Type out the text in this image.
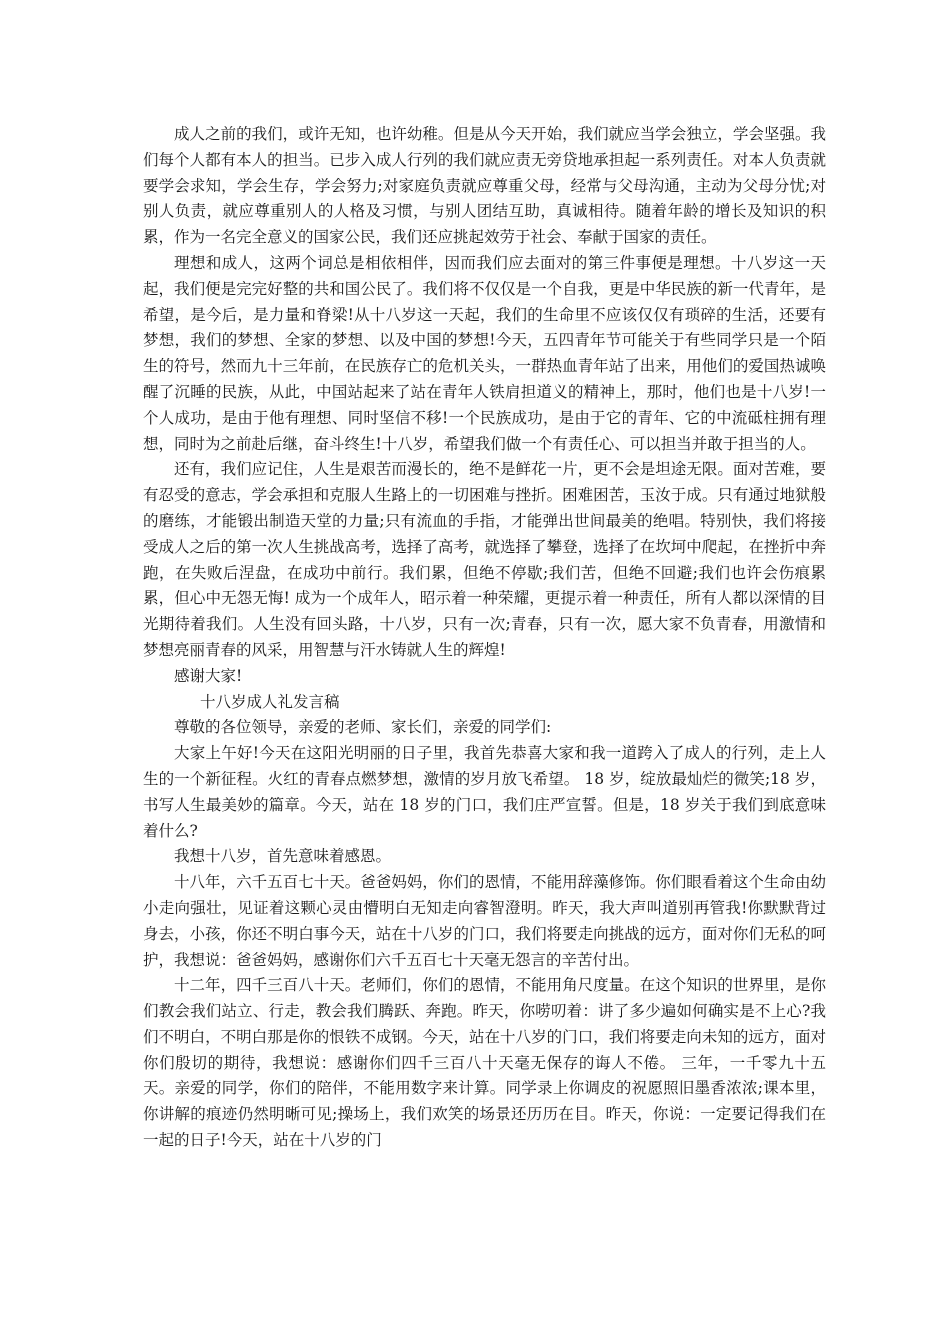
成人之前的我们，或许无知，也许幼稚。但是从今天开始，我们就应当学会独立，学会坚强。我们每个人都有本人的担当。已步入成人行列的我们就应责无旁贷地承担起一系列责任。对本人负责就要学会求知，学会生存，学会努力;对家庭负责就应尊重父母，经常与父母沟通，主动为父母分忧;对别人负责，就应尊重别人的人格及习惯，与别人团结互助，真诚相待。随着年龄的增长及知识的积累，作为一名完全意义的国家公民，我们还应挑起效劳于社会、奉献于国家的责任。

理想和成人，这两个词总是相依相伴，因而我们应去面对的第三件事便是理想。十八岁这一天起，我们便是完完好整的共和国公民了。我们将不仅仅是一个自我，更是中华民族的新一代青年，是希望，是今后，是力量和脊梁!从十八岁这一天起，我们的生命里不应该仅仅有琐碎的生活，还要有梦想，我们的梦想、全家的梦想、以及中国的梦想!今天，五四青年节可能关于有些同学只是一个陌生的符号，然而九十三年前，在民族存亡的危机关头，一群热血青年站了出来，用他们的爱国热诚唤醒了沉睡的民族，从此，中国站起来了站在青年人铁肩担道义的精神上，那时，他们也是十八岁!一个人成功，是由于他有理想、同时坚信不移!一个民族成功，是由于它的青年、它的中流砥柱拥有理想，同时为之前赴后继，奋斗终生!十八岁，希望我们做一个有责任心、可以担当并敢于担当的人。

还有，我们应记住，人生是艰苦而漫长的，绝不是鲜花一片，更不会是坦途无限。面对苦难，要有忍受的意志，学会承担和克服人生路上的一切困难与挫折。困难困苦，玉汝于成。只有通过地狱般的磨练，才能锻出制造天堂的力量;只有流血的手指，才能弹出世间最美的绝唱。特别快，我们将接受成人之后的第一次人生挑战高考，选择了高考，就选择了攀登，选择了在坎坷中爬起，在挫折中奔跑，在失败后涅盘，在成功中前行。我们累，但绝不停歇;我们苦，但绝不回避;我们也许会伤痕累累，但心中无怨无悔! 成为一个成年人，昭示着一种荣耀，更提示着一种责任，所有人都以深情的目光期待着我们。人生没有回头路，十八岁，只有一次;青春，只有一次，愿大家不负青春，用激情和梦想亮丽青春的风采，用智慧与汗水铸就人生的辉煌!

感谢大家!

十八岁成人礼发言稿

尊敬的各位领导，亲爱的老师、家长们，亲爱的同学们:

大家上午好!今天在这阳光明丽的日子里，我首先恭喜大家和我一道跨入了成人的行列，走上人生的一个新征程。火红的青春点燃梦想，激情的岁月放飞希望。 18 岁，绽放最灿烂的微笑;18 岁，书写人生最美妙的篇章。今天，站在 18 岁的门口，我们庄严宣誓。但是，18 岁关于我们到底意味着什么?

我想十八岁，首先意味着感恩。

十八年，六千五百七十天。爸爸妈妈，你们的恩情，不能用辞藻修饰。你们眼看着这个生命由幼小走向强壮，见证着这颗心灵由懵明白无知走向睿智澄明。昨天，我大声叫道别再管我!你默默背过身去，小孩，你还不明白事今天，站在十八岁的门口，我们将要走向挑战的远方，面对你们无私的呵护，我想说：爸爸妈妈，感谢你们六千五百七十天毫无怨言的辛苦付出。

十二年，四千三百八十天。老师们，你们的恩情，不能用角尺度量。在这个知识的世界里，是你们教会我们站立、行走，教会我们腾跃、奔跑。昨天，你唠叨着：讲了多少遍如何确实是不上心?我们不明白，不明白那是你的恨铁不成钢。今天，站在十八岁的门口，我们将要走向未知的远方，面对你们殷切的期待，我想说：感谢你们四千三百八十天毫无保存的诲人不倦。 三年，一千零九十五天。亲爱的同学，你们的陪伴，不能用数字来计算。同学录上你调皮的祝愿照旧墨香浓浓;课本里，你讲解的痕迹仍然明晰可见;操场上，我们欢笑的场景还历历在目。昨天，你说：一定要记得我们在一起的日子!今天，站在十八岁的门
